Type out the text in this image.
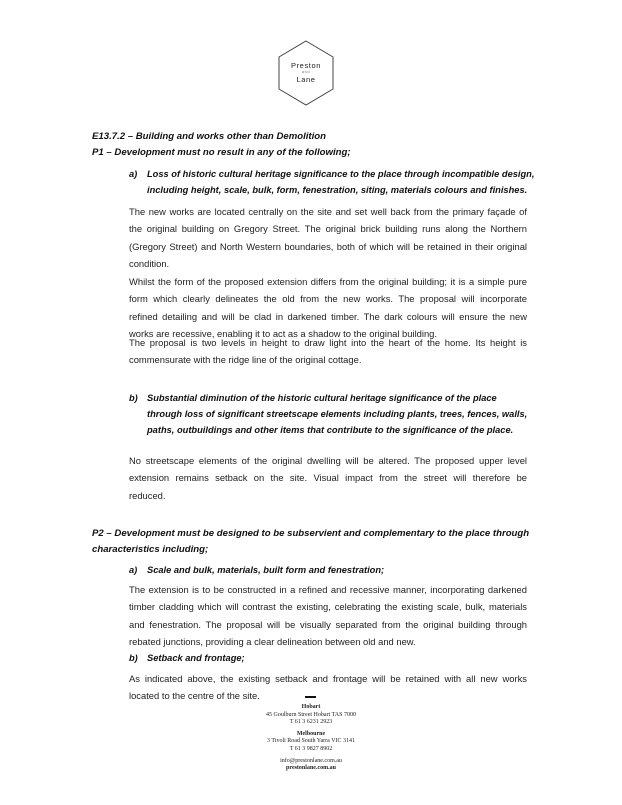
Preston
and
Lane
E13.7.2 – Building and works other than Demolition
P1 – Development must no result in any of the following;
a) Loss of historic cultural heritage significance to the place through incompatible design,
including height, scale, bulk, form, fenestration, siting, materials colours and finishes.
The new works are located centrally on the site and set well back from the primary façade of
the original building on Gregory Street. The original brick building runs along the Northern
(Gregory Street) and North Western boundaries, both of which will be retained in their original
condition.
Whilst the form of the proposed extension differs from the original building; it is a simple pure
form which clearly delineates the old from the new works. The proposal will incorporate
refined detailing and will be clad in darkened timber. The dark colours will ensure the new
works are recessive, enabling it to act as a shadow to the original building.
The proposal is two levels in height to draw light into the heart of the home. Its height is
commensurate with the ridge line of the original cottage.
b) Substantial diminution of the historic cultural heritage significance of the place
through loss of significant streetscape elements including plants, trees, fences, walls,
paths, outbuildings and other items that contribute to the significance of the place.
No streetscape elements of the original dwelling will be altered. The proposed upper level
extension remains setback on the site. Visual impact from the street will therefore be
reduced.
P2 – Development must be designed to be subservient and complementary to the place through
characteristics including;
a) Scale and bulk, materials, built form and fenestration;
The extension is to be constructed in a refined and recessive manner, incorporating darkened
timber cladding which will contrast the existing, celebrating the existing scale, bulk, materials
and fenestration. The proposal will be visually separated from the original building through
rebated junctions, providing a clear delineation between old and new.
b) Setback and frontage;
As indicated above, the existing setback and frontage will be retained with all new works
located to the centre of the site.
Hobart
45 Goulburn Street Hobart TAS 7000
T 61 3 6231 2923
Melbourne
3 Tivoli Road South Yarra VIC 3141
T 61 3 9827 8902
info@prestonlane.com.au
prestonlane.com.au
